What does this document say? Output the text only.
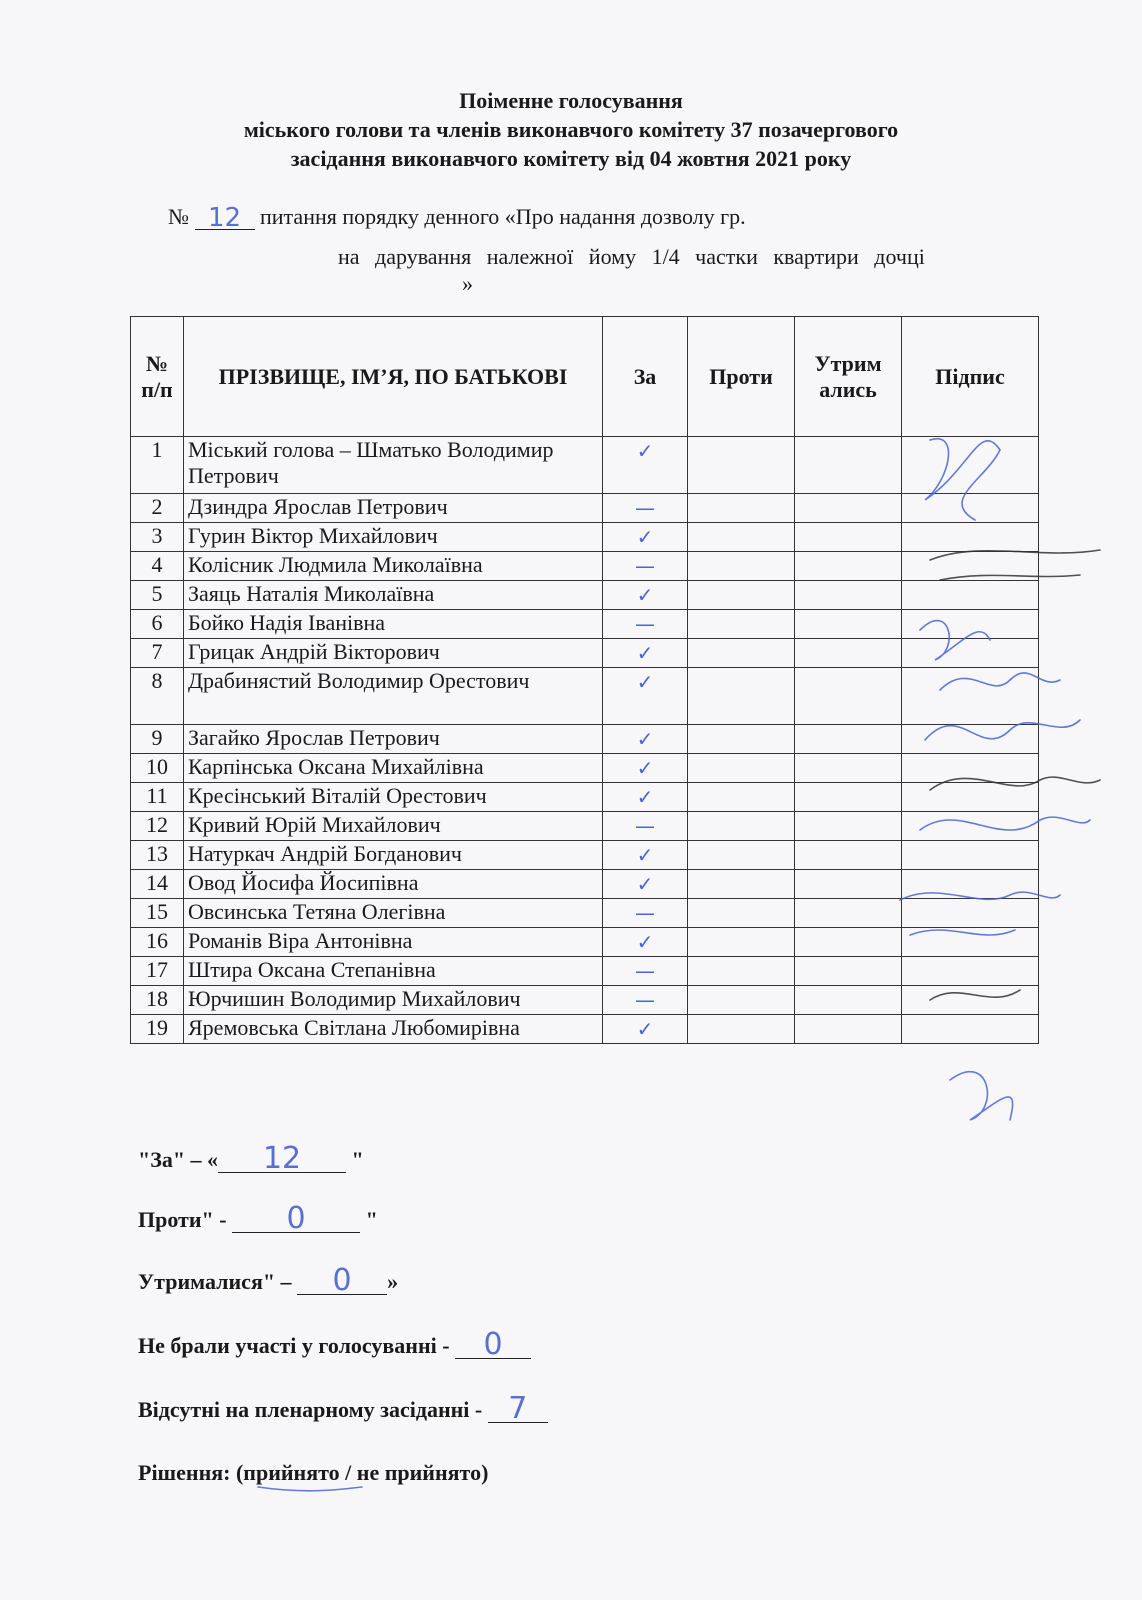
Поіменне голосування
міського голови та членів виконавчого комітету 37 позачергового
засідання виконавчого комітету від 04 жовтня 2021 року
№ 12 питання порядку денного «Про надання дозволу гр.
на дарування належної йому 1/4 частки квартири дочці
»
№ п/п	ПРІЗВИЩЕ, ІМ’Я, ПО БАТЬКОВІ	За	Проти	Утрим ались	Підпис
1	Міський голова – Шматько Володимир Петрович	✓			

2	Дзиндра Ярослав Петрович	—			

3	Гурин Віктор Михайлович	✓			

4	Колісник Людмила Миколаївна	—			

5	Заяць Наталія Миколаївна	✓			

6	Бойко Надія Іванівна	—			

7	Грицак Андрій Вікторович	✓			

8	Драбинястий Володимир Орестович	✓			

9	Загайко Ярослав Петрович	✓			

10	Карпінська Оксана Михайлівна	✓			

11	Кресінський Віталій Орестович	✓			

12	Кривий Юрій Михайлович	—			

13	Натуркач Андрій Богданович	✓			

14	Овод Йосифа Йосипівна	✓			

15	Овсинська Тетяна Олегівна	—			

16	Романів Віра Антонівна	✓			

17	Штира Оксана Степанівна	—			

18	Юрчишин Володимир Михайлович	—			

19	Яремовська Світлана Любомирівна	✓			

"За" – « 12 "
Проти" - 0	"
Утрималися" – 0 »
Не брали участі у голосуванні - 0
Відсутні на пленарному засіданні - 7
Рішення: (прийнято / не прийнято)
